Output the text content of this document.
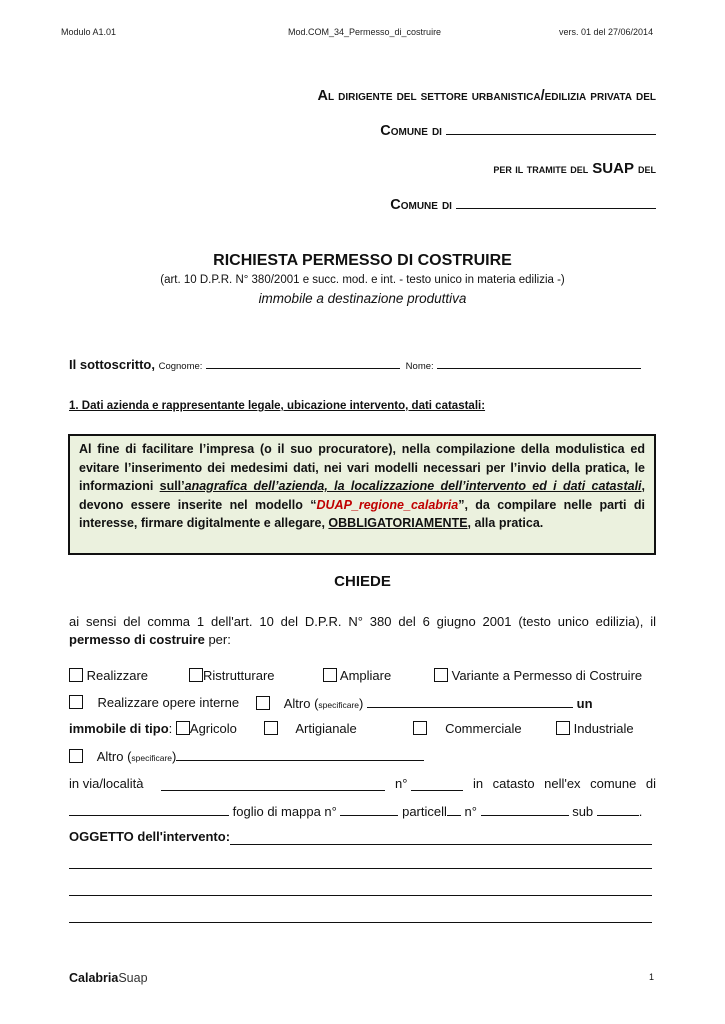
Modulo A1.01	Mod.COM_34_Permesso_di_costruire	vers. 01 del 27/06/2014
Al dirigente del settore urbanistica/edilizia privata del
Comune di
per il tramite del SUAP del
Comune di
RICHIESTA PERMESSO DI COSTRUIRE
(art. 10 D.P.R. N° 380/2001 e succ. mod. e int. - testo unico in materia edilizia -)
immobile a destinazione produttiva
Il sottoscritto, Cognome:	Nome:
1. Dati azienda e rappresentante legale, ubicazione intervento, dati catastali:
Al fine di facilitare l’impresa (o il suo procuratore), nella compilazione della modulistica ed evitare l’inserimento dei medesimi dati, nei vari modelli necessari per l’invio della pratica, le informazioni sull’anagrafica dell’azienda, la localizzazione dell’intervento ed i dati catastali, devono essere inserite nel modello “DUAP_regione_calabria”, da compilare nelle parti di interesse, firmare digitalmente e allegare, OBBLIGATORIAMENTE, alla pratica.
CHIEDE
ai sensi del comma 1 dell'art. 10 del D.P.R. N° 380 del 6 giugno 2001 (testo unico edilizia), il
permesso di costruire per:
Realizzare	Ristrutturare	Ampliare	Variante a Permesso di Costruire
Realizzare opere interne	Altro (specificare)	un
immobile di tipo: Agricolo	Artigianale	Commerciale	Industriale
Altro (specificare)
in via/località	n°	in catasto nell'ex comune di
foglio di mappa n°	particell n°	sub	.
OGGETTO dell'intervento:
CalabriaSuap	1
